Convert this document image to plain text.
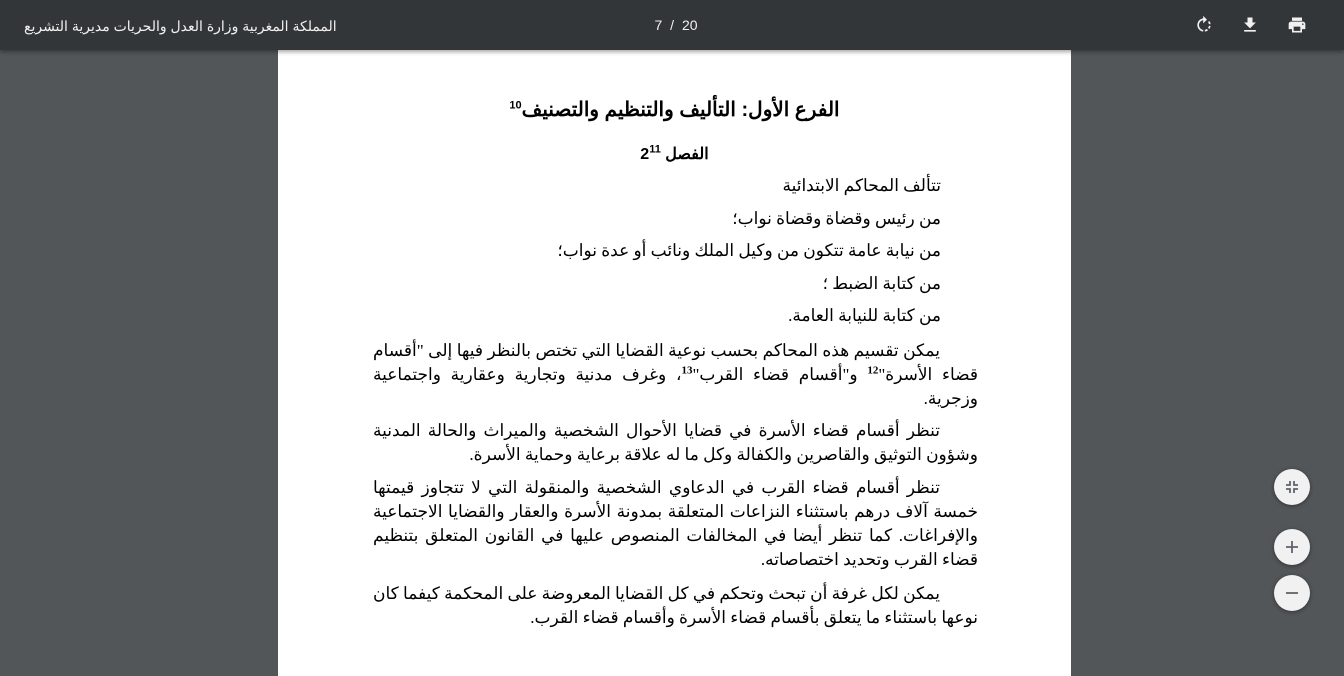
المملكة المغربية وزارة العدل والحريات مديرية التشريع	7 / 20
الفرع الأول: التأليف والتنظيم والتصنيف$^{10}$
الفصل $2^{11}$
تتألف المحاكم الابتدائية
من رئيس وقضاة وقضاة نواب؛
من نيابة عامة تتكون من وكيل الملك ونائب أو عدة نواب؛
من كتابة الضبط ؛
من كتابة للنيابة العامة.
يمكن تقسيم هذه المحاكم بحسب نوعية القضايا التي تختص بالنظر فيها إلى "أقسام قضاء الأسرة"$^{12}$ و"أقسام قضاء القرب"$^{13}$، وغرف مدنية وتجارية وعقارية واجتماعية وزجرية.
تنظر أقسام قضاء الأسرة في قضايا الأحوال الشخصية والميراث والحالة المدنية وشؤون التوثيق والقاصرين والكفالة وكل ما له علاقة برعاية وحماية الأسرة.
تنظر أقسام قضاء القرب في الدعاوي الشخصية والمنقولة التي لا تتجاوز قيمتها خمسة آلاف درهم باستثناء النزاعات المتعلقة بمدونة الأسرة والعقار والقضايا الاجتماعية والإفراغات. كما تنظر أيضا في المخالفات المنصوص عليها في القانون المتعلق بتنظيم قضاء القرب وتحديد اختصاصاته.
يمكن لكل غرفة أن تبحث وتحكم في كل القضايا المعروضة على المحكمة كيفما كان نوعها باستثناء ما يتعلق بأقسام قضاء الأسرة وأقسام قضاء القرب.
